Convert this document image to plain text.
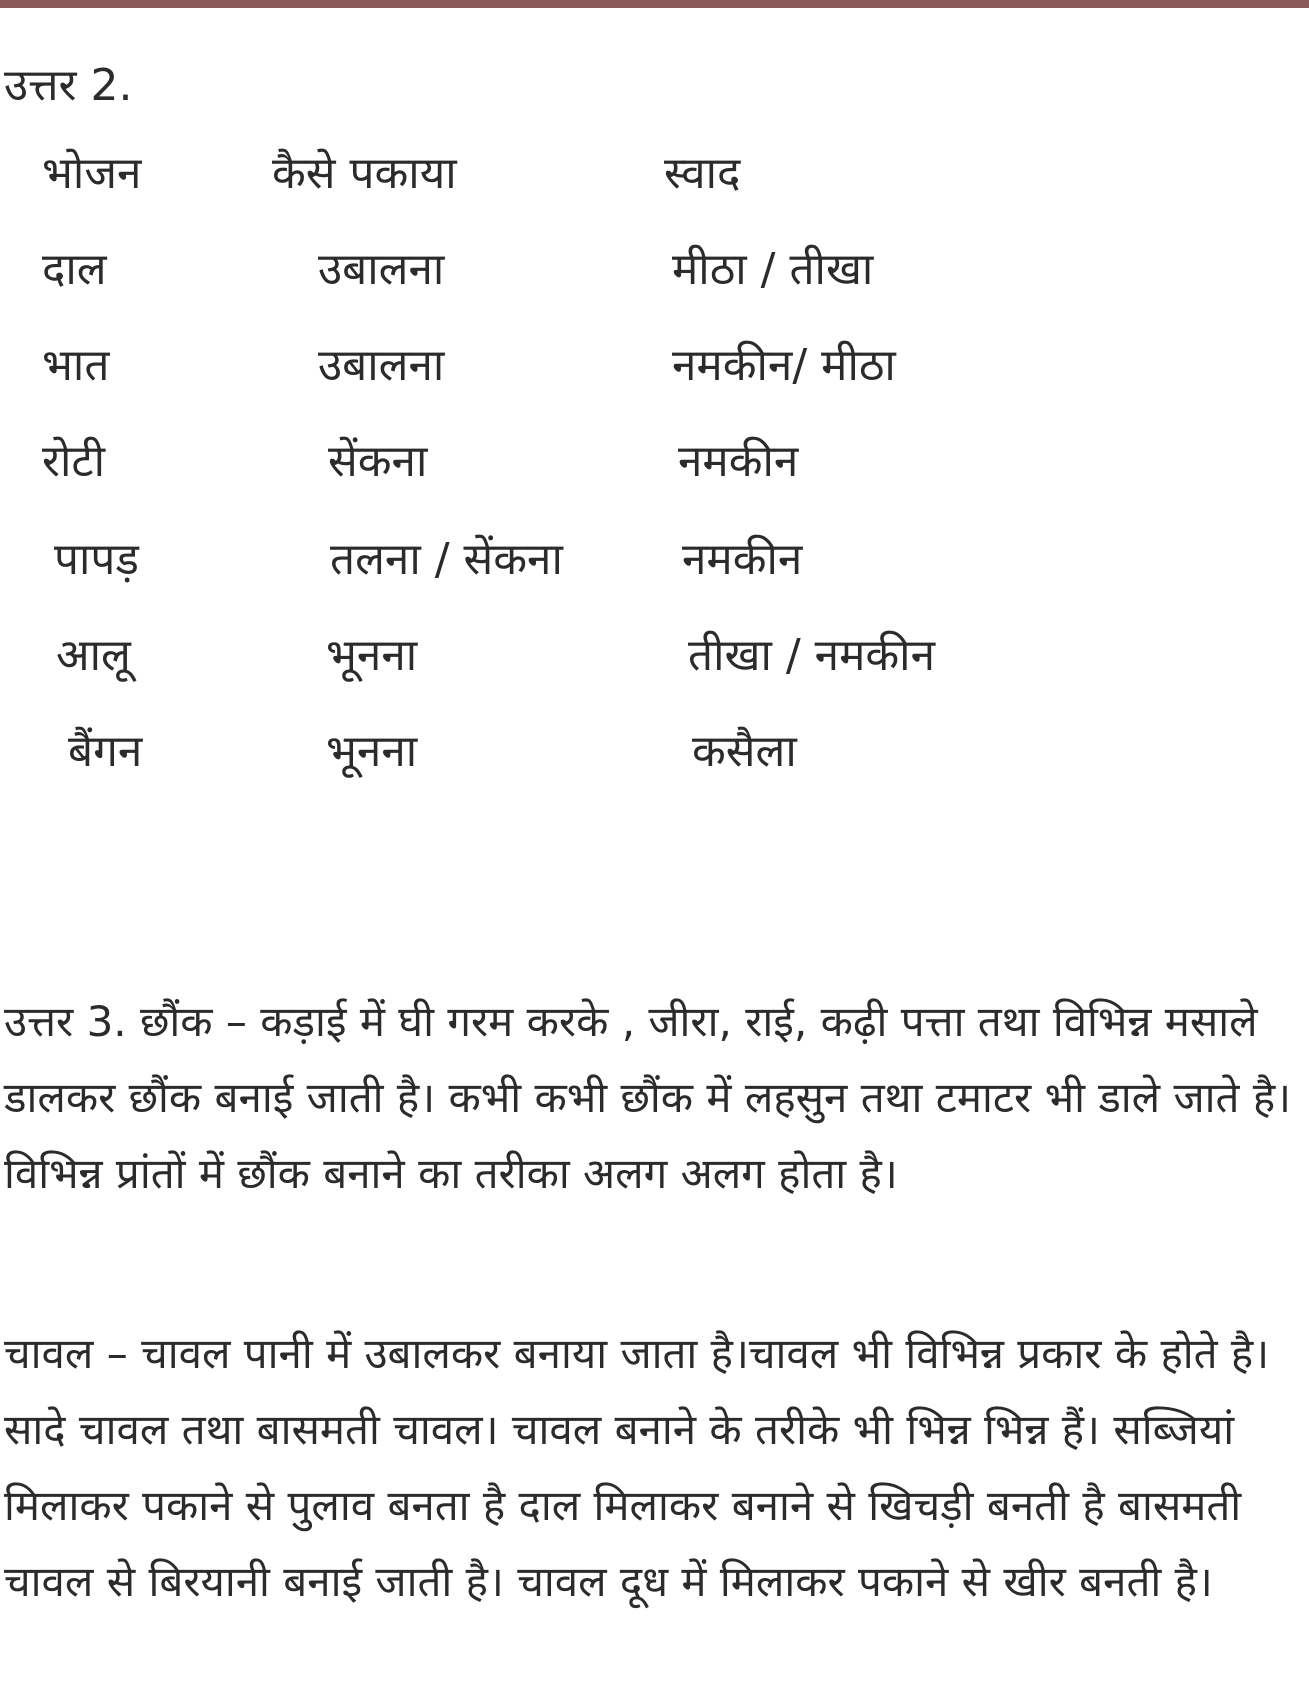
उत्तर 2.
भोजन	कैसे पकाया	स्वाद
दाल	उबालना	मीठा / तीखा
भात	उबालना	नमकीन/ मीठा
रोटी	सेंकना	नमकीन
पापड़	तलना / सेंकना	नमकीन
आलू	भूनना	तीखा / नमकीन
बैंगन	भूनना	कसैला
उत्तर 3. छौंक – कड़ाई में घी गरम करके , जीरा, राई, कढ़ी पत्ता तथा विभिन्न मसाले डालकर छौंक बनाई जाती है। कभी कभी छौंक में लहसुन तथा टमाटर भी डाले जाते है। विभिन्न प्रांतों में छौंक बनाने का तरीका अलग अलग होता है।
चावल – चावल पानी में उबालकर बनाया जाता है।चावल भी विभिन्न प्रकार के होते है। सादे चावल तथा बासमती चावल। चावल बनाने के तरीके भी भिन्न भिन्न हैं। सब्जियां मिलाकर पकाने से पुलाव बनता है दाल मिलाकर बनाने से खिचड़ी बनती है बासमती चावल से बिरयानी बनाई जाती है। चावल दूध में मिलाकर पकाने से खीर बनती है।
